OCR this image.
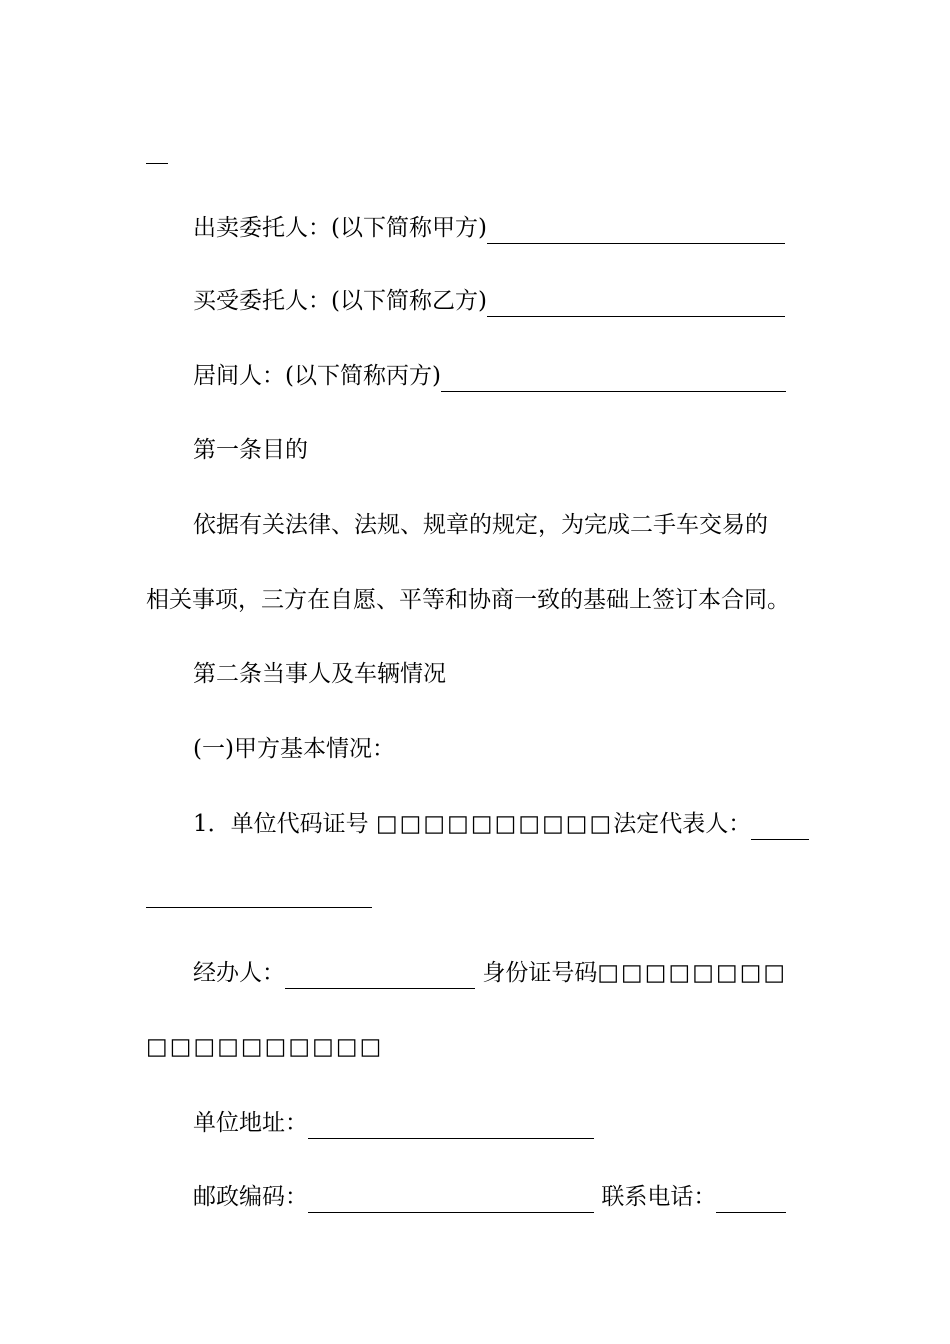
出卖委托人：(以下简称甲方)
买受委托人：(以下简称乙方)
居间人：(以下简称丙方)
第一条目的
依据有关法律、法规、规章的规定，为完成二手车交易的
相关事项，三方在自愿、平等和协商一致的基础上签订本合同。
第二条当事人及车辆情况
(一)甲方基本情况：
1．单位代码证号 □□□□□□□□□□法定代表人：
经办人：	身份证号码□□□□□□□□
□□□□□□□□□□
单位地址：
邮政编码：	联系电话：
